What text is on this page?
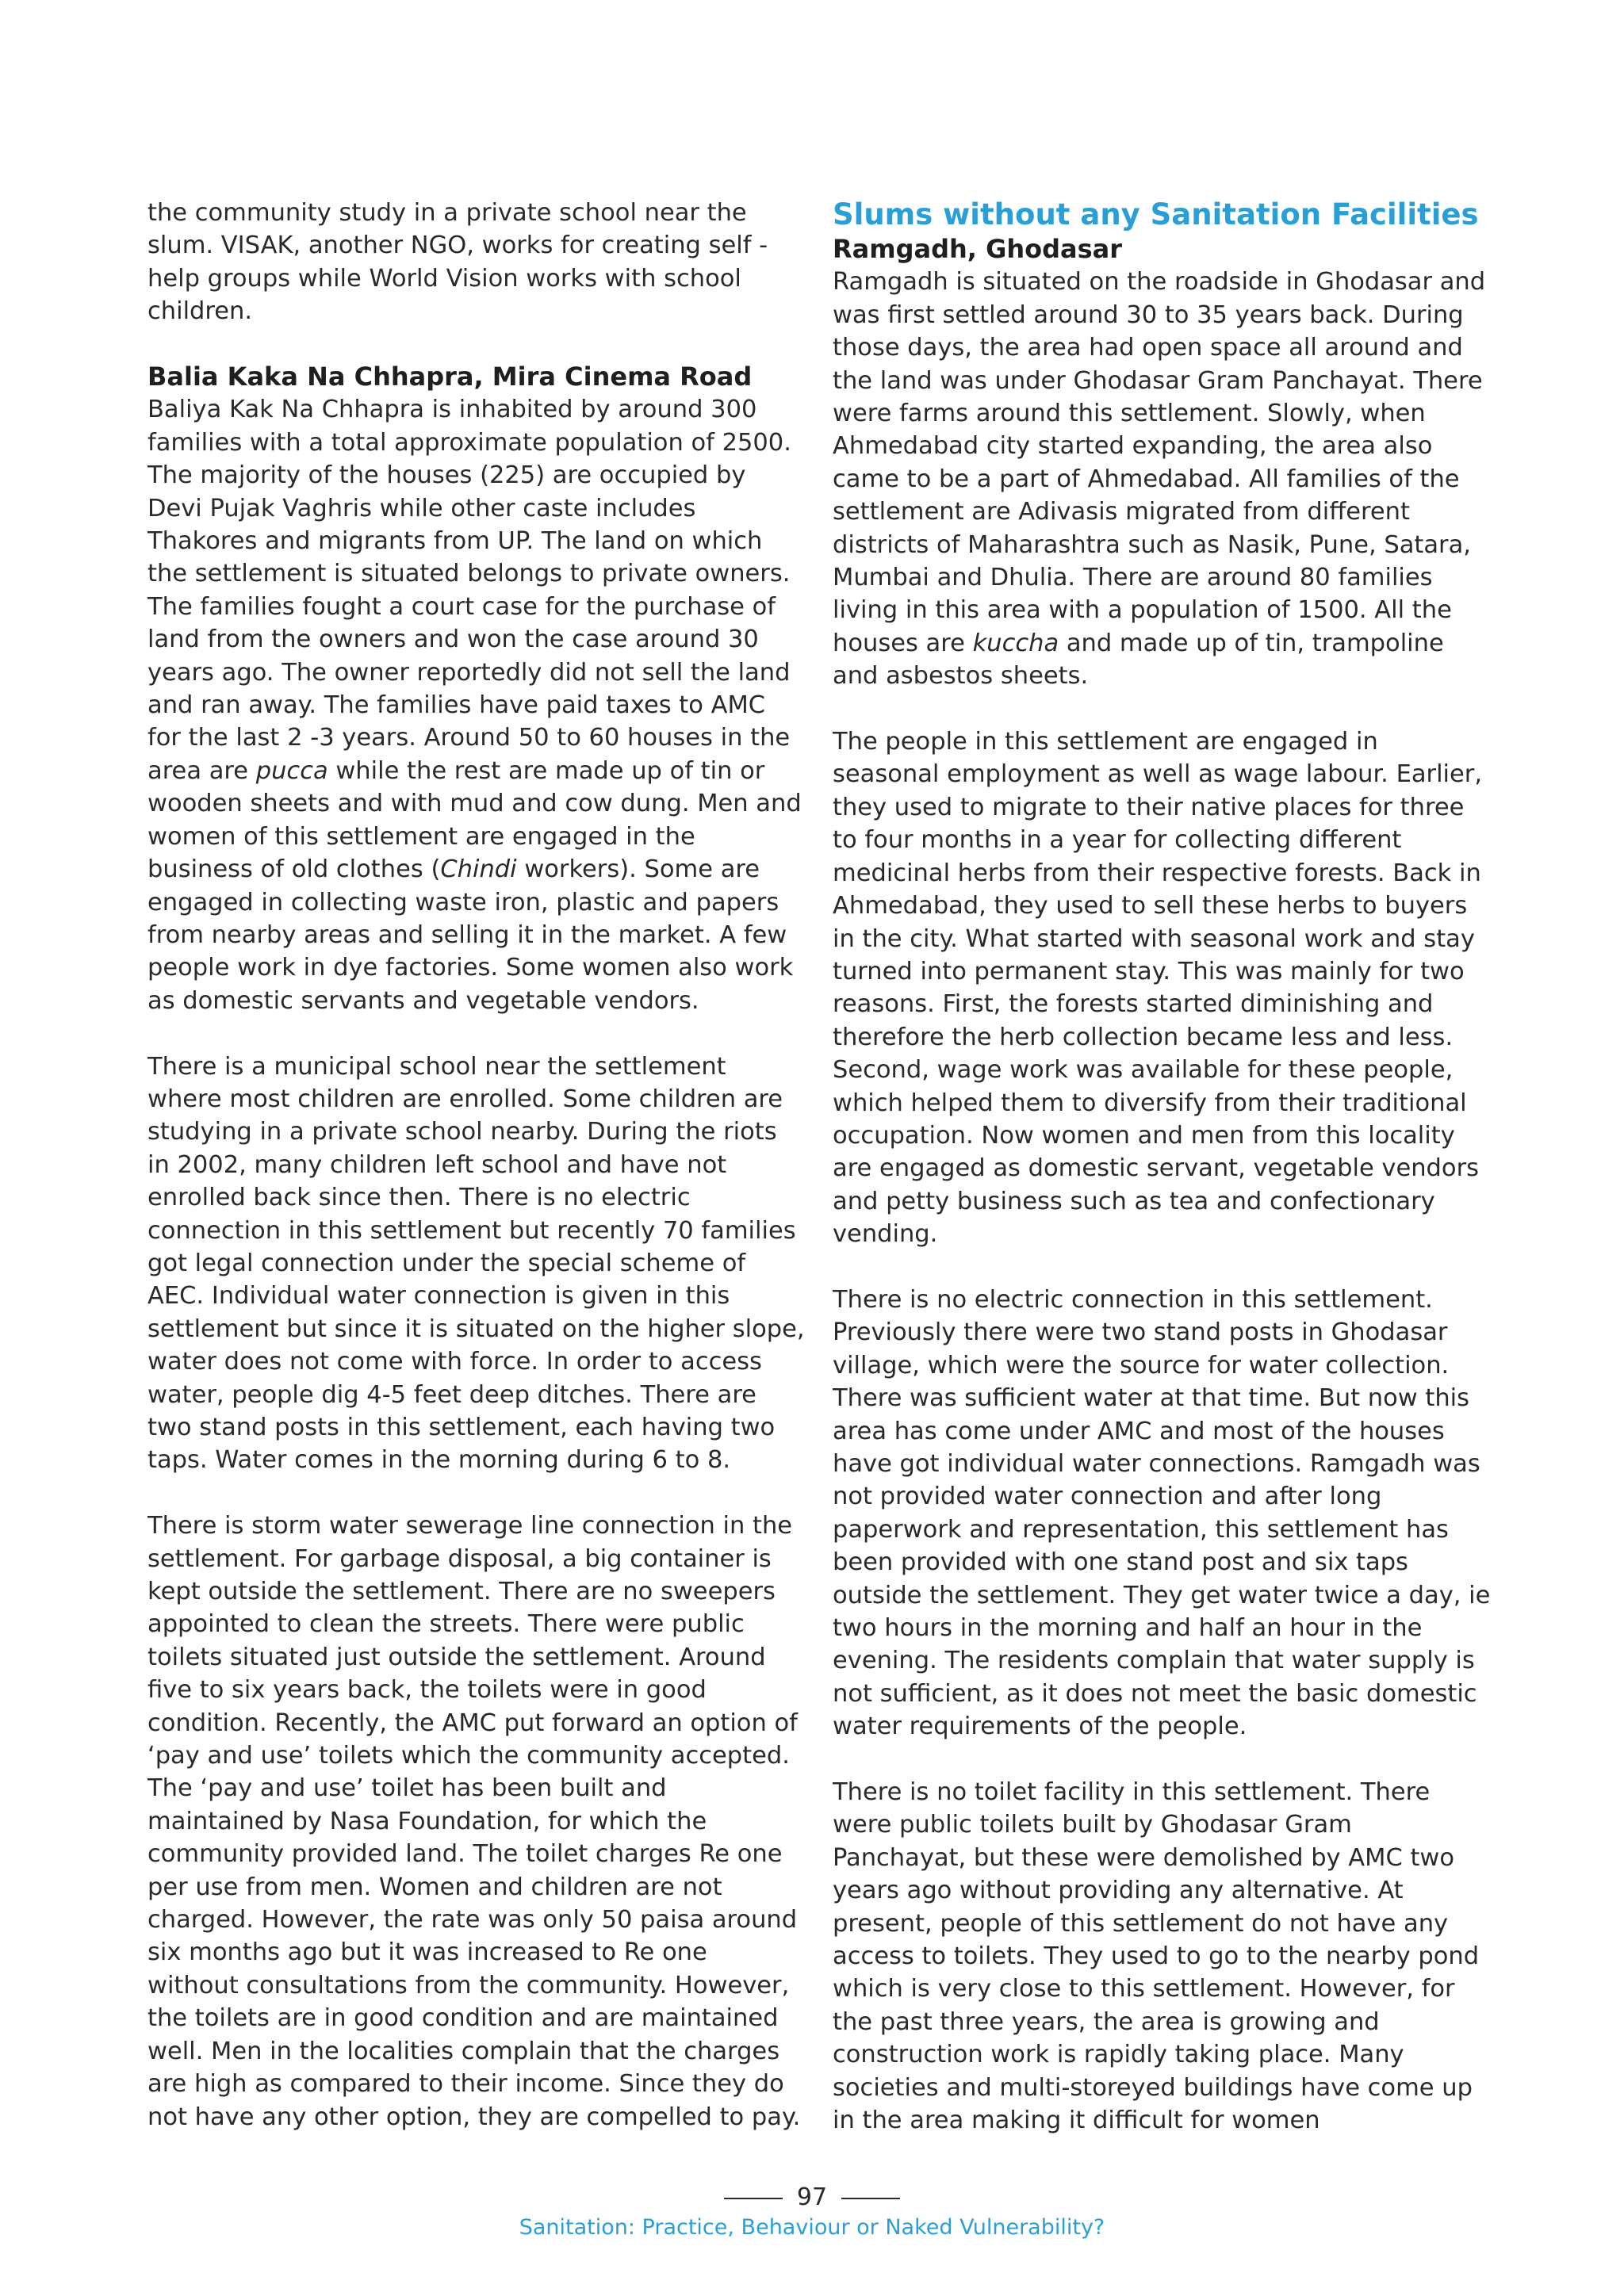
the community study in a private school near the slum. VISAK, another NGO, works for creating self -help groups while World Vision works with school children.

Balia Kaka Na Chhapra, Mira Cinema Road

Baliya Kak Na Chhapra is inhabited by around 300 families with a total approximate population of 2500. The majority of the houses (225) are occupied by Devi Pujak Vaghris while other caste includes Thakores and migrants from UP. The land on which the settlement is situated belongs to private owners. The families fought a court case for the purchase of land from the owners and won the case around 30 years ago. The owner reportedly did not sell the land and ran away. The families have paid taxes to AMC for the last 2 -3 years. Around 50 to 60 houses in the area are pucca while the rest are made up of tin or wooden sheets and with mud and cow dung. Men and women of this settlement are engaged in the business of old clothes (Chindi workers). Some are engaged in collecting waste iron, plastic and papers from nearby areas and selling it in the market. A few people work in dye factories. Some women also work as domestic servants and vegetable vendors.

There is a municipal school near the settlement where most children are enrolled. Some children are studying in a private school nearby. During the riots in 2002, many children left school and have not enrolled back since then. There is no electric connection in this settlement but recently 70 families got legal connection under the special scheme of AEC. Individual water connection is given in this settlement but since it is situated on the higher slope, water does not come with force. In order to access water, people dig 4-5 feet deep ditches. There are two stand posts in this settlement, each having two taps. Water comes in the morning during 6 to 8.

There is storm water sewerage line connection in the settlement. For garbage disposal, a big container is kept outside the settlement. There are no sweepers appointed to clean the streets. There were public toilets situated just outside the settlement. Around five to six years back, the toilets were in good condition. Recently, the AMC put forward an option of ‘pay and use’ toilets which the community accepted. The ‘pay and use’ toilet has been built and maintained by Nasa Foundation, for which the community provided land. The toilet charges Re one per use from men. Women and children are not charged. However, the rate was only 50 paisa around six months ago but it was increased to Re one without consultations from the community. However, the toilets are in good condition and are maintained well. Men in the localities complain that the charges are high as compared to their income. Since they do not have any other option, they are compelled to pay.

Slums without any Sanitation Facilities

Ramgadh, Ghodasar

Ramgadh is situated on the roadside in Ghodasar and was first settled around 30 to 35 years back. During those days, the area had open space all around and the land was under Ghodasar Gram Panchayat. There were farms around this settlement. Slowly, when Ahmedabad city started expanding, the area also came to be a part of Ahmedabad. All families of the settlement are Adivasis migrated from different districts of Maharashtra such as Nasik, Pune, Satara, Mumbai and Dhulia. There are around 80 families living in this area with a population of 1500. All the houses are kuccha and made up of tin, trampoline and asbestos sheets.

The people in this settlement are engaged in seasonal employment as well as wage labour. Earlier, they used to migrate to their native places for three to four months in a year for collecting different medicinal herbs from their respective forests. Back in Ahmedabad, they used to sell these herbs to buyers in the city. What started with seasonal work and stay turned into permanent stay. This was mainly for two reasons. First, the forests started diminishing and therefore the herb collection became less and less. Second, wage work was available for these people, which helped them to diversify from their traditional occupation. Now women and men from this locality are engaged as domestic servant, vegetable vendors and petty business such as tea and confectionary vending.

There is no electric connection in this settlement. Previously there were two stand posts in Ghodasar village, which were the source for water collection. There was sufficient water at that time. But now this area has come under AMC and most of the houses have got individual water connections. Ramgadh was not provided water connection and after long paperwork and representation, this settlement has been provided with one stand post and six taps outside the settlement. They get water twice a day, ie two hours in the morning and half an hour in the evening. The residents complain that water supply is not sufficient, as it does not meet the basic domestic water requirements of the people.

There is no toilet facility in this settlement. There were public toilets built by Ghodasar Gram Panchayat, but these were demolished by AMC two years ago without providing any alternative. At present, people of this settlement do not have any access to toilets. They used to go to the nearby pond which is very close to this settlement. However, for the past three years, the area is growing and construction work is rapidly taking place. Many societies and multi-storeyed buildings have come up in the area making it difficult for women

97
Sanitation: Practice, Behaviour or Naked Vulnerability?
